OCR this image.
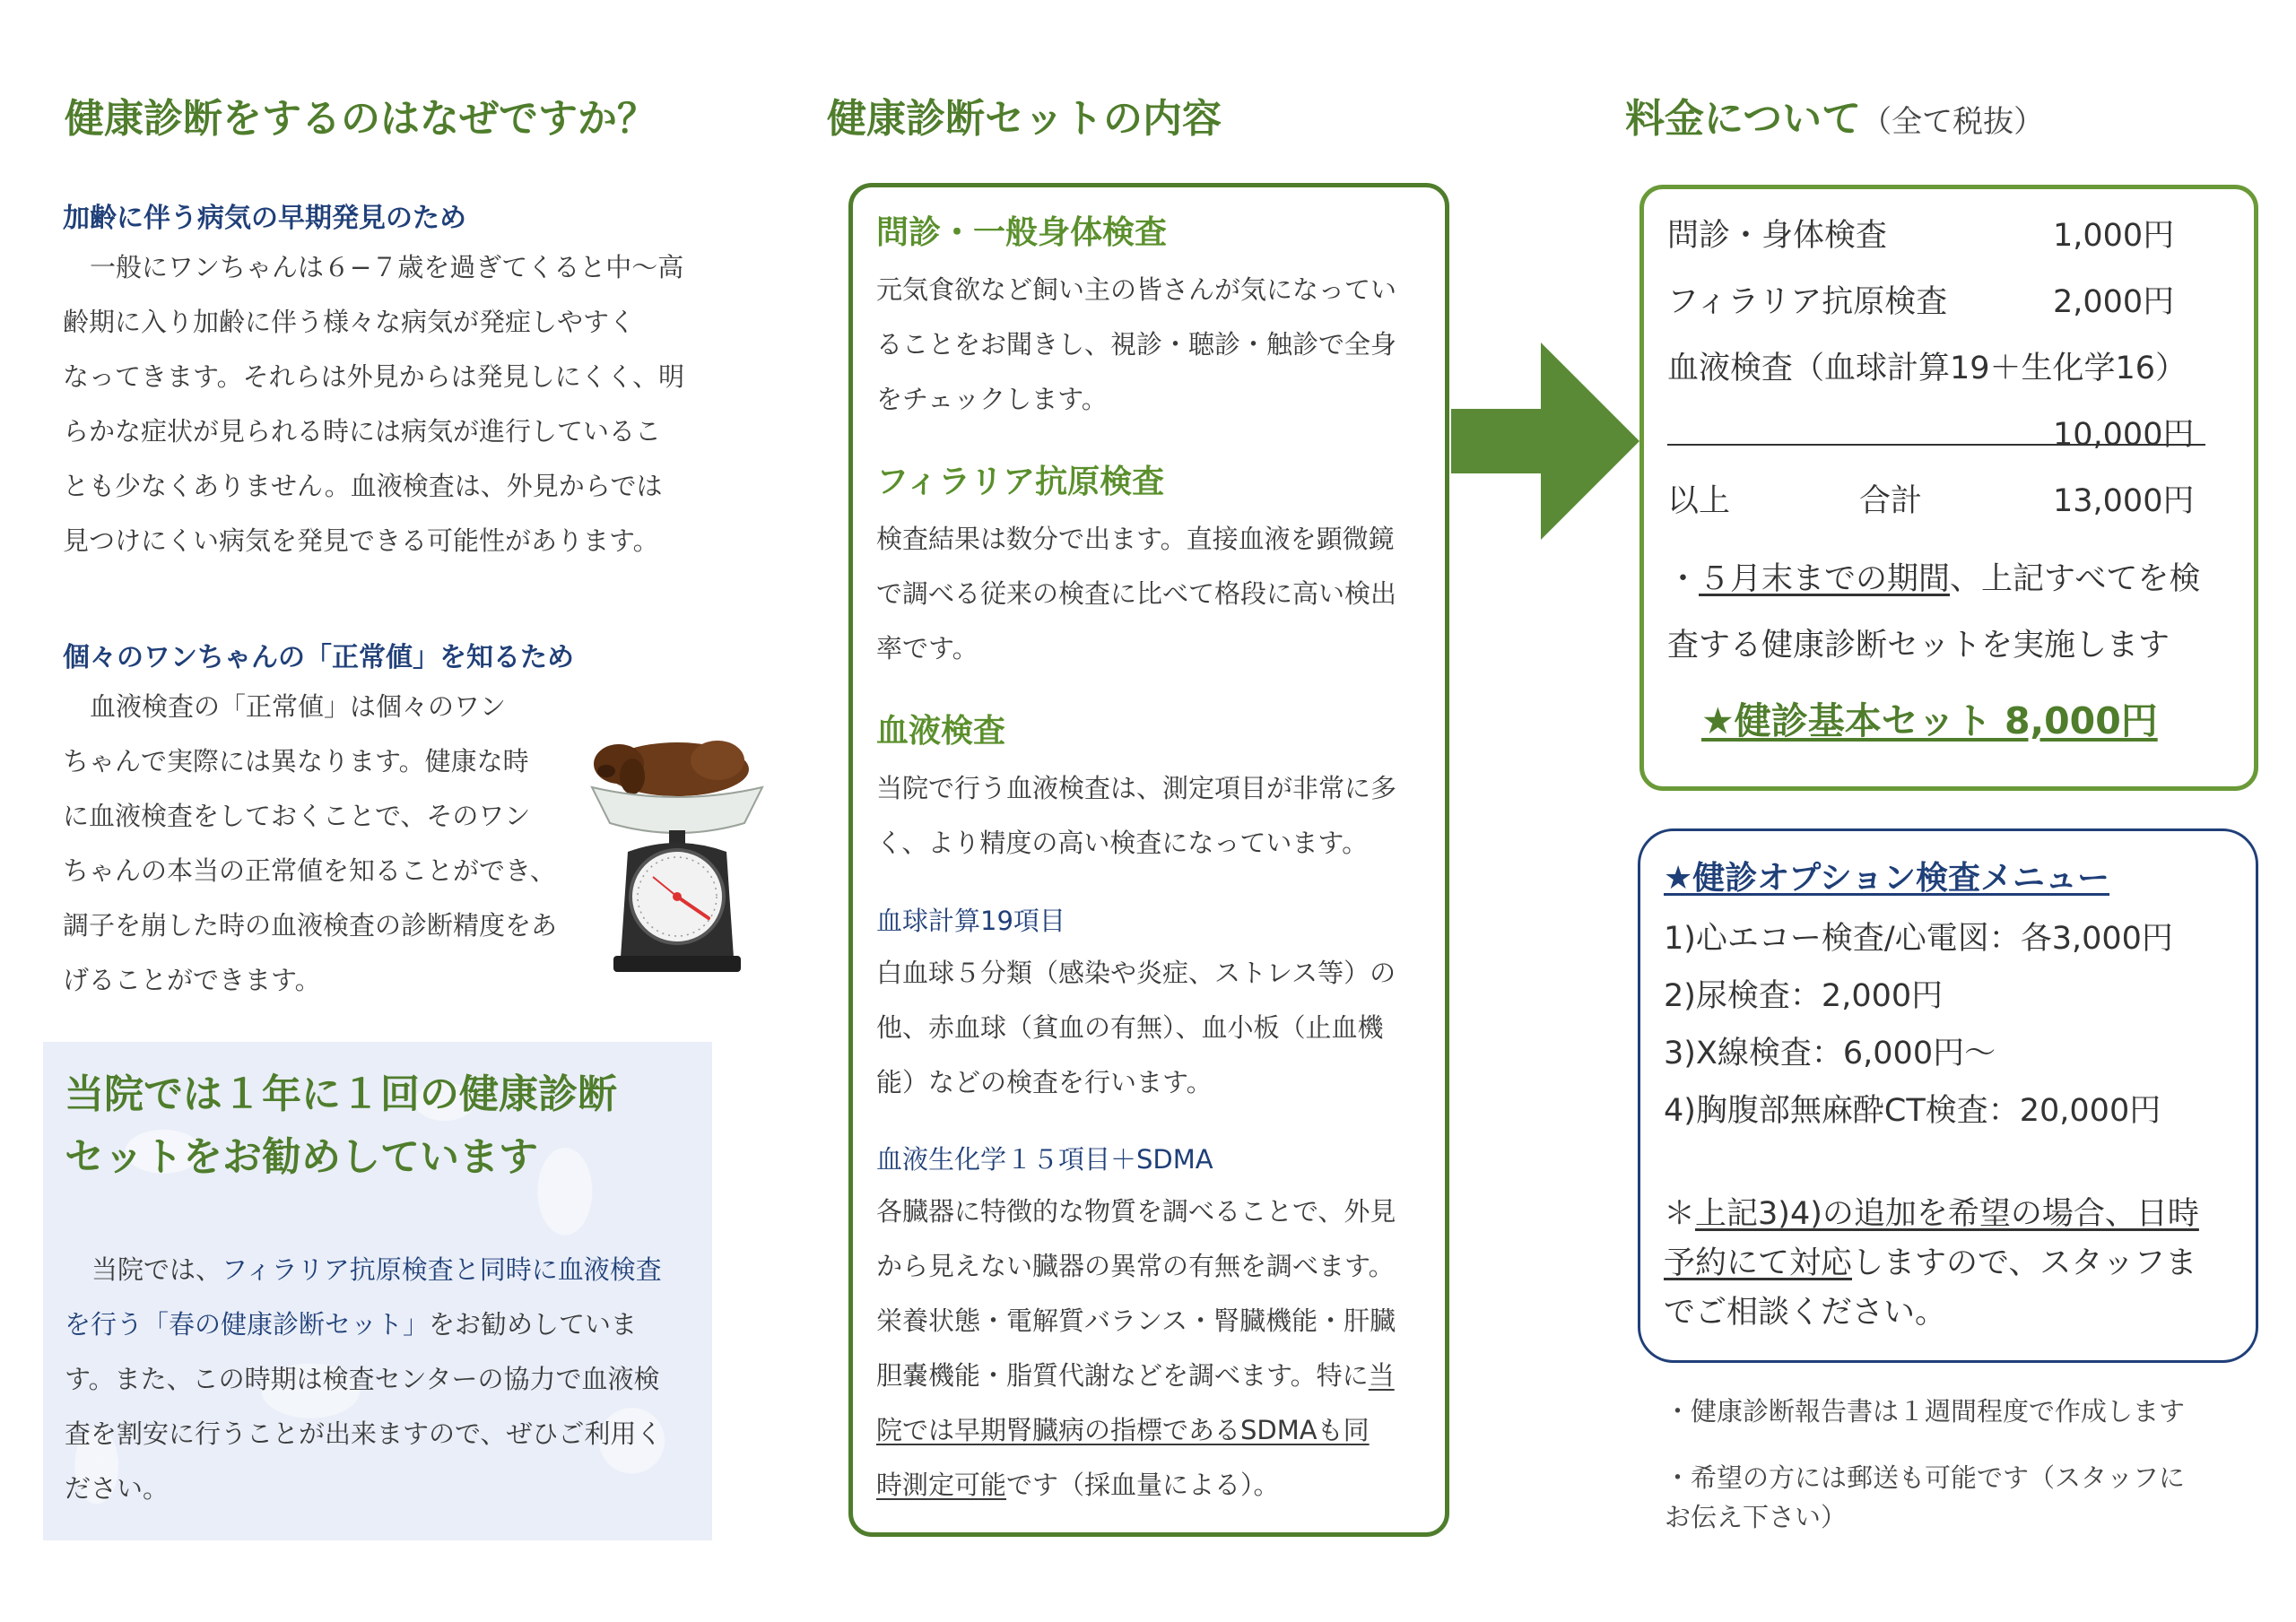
健康診断をするのはなぜですか？
加齢に伴う病気の早期発見のため
一般にワンちゃんは６−７歳を過ぎてくると中〜高
齢期に入り加齢に伴う様々な病気が発症しやすく
なってきます。それらは外見からは発見しにくく、明
らかな症状が見られる時には病気が進行しているこ
とも少なくありません。血液検査は、外見からでは
見つけにくい病気を発見できる可能性があります。
個々のワンちゃんの「正常値」を知るため
血液検査の「正常値」は個々のワン
ちゃんで実際には異なります。健康な時
に血液検査をしておくことで、そのワン
ちゃんの本当の正常値を知ることができ、
調子を崩した時の血液検査の診断精度をあ
げることができます。
当院では１年に１回の健康診断
セットをお勧めしています
当院では、フィラリア抗原検査と同時に血液検査
を行う「春の健康診断セット」をお勧めしていま
す。また、この時期は検査センターの協力で血液検
査を割安に行うことが出来ますので、ぜひご利用く
ださい。
健康診断セットの内容
問診・一般身体検査
元気食欲など飼い主の皆さんが気になってい
ることをお聞きし、視診・聴診・触診で全身
をチェックします。
フィラリア抗原検査
検査結果は数分で出ます。直接血液を顕微鏡
で調べる従来の検査に比べて格段に高い検出
率です。
血液検査
当院で行う血液検査は、測定項目が非常に多
く、より精度の高い検査になっています。
血球計算19項目
白血球５分類（感染や炎症、ストレス等）の
他、赤血球（貧血の有無）、血小板（止血機
能）などの検査を行います。
血液生化学１５項目＋SDMA
各臓器に特徴的な物質を調べることで、外見
から見えない臓器の異常の有無を調べます。
栄養状態・電解質バランス・腎臓機能・肝臓
胆嚢機能・脂質代謝などを調べます。特に当
院では早期腎臓病の指標であるSDMAも同
時測定可能です（採血量による）。
料金について（全て税抜）
問診・身体検査	1,000円
フィラリア抗原検査	2,000円
血液検査（血球計算19＋生化学16）
10,000円
以上	合計	13,000円
・５月末までの期間、上記すべてを検
査する健康診断セットを実施します
★健診基本セット 8,000円
★健診オプション検査メニュー
1)心エコー検査/心電図：各3,000円
2)尿検査：2,000円
3)X線検査：6,000円〜
4)胸腹部無麻酔CT検査：20,000円
＊上記3)4)の追加を希望の場合、日時
予約にて対応しますので、スタッフま
でご相談ください。
・健康診断報告書は１週間程度で作成します
・希望の方には郵送も可能です（スタッフに
お伝え下さい）
